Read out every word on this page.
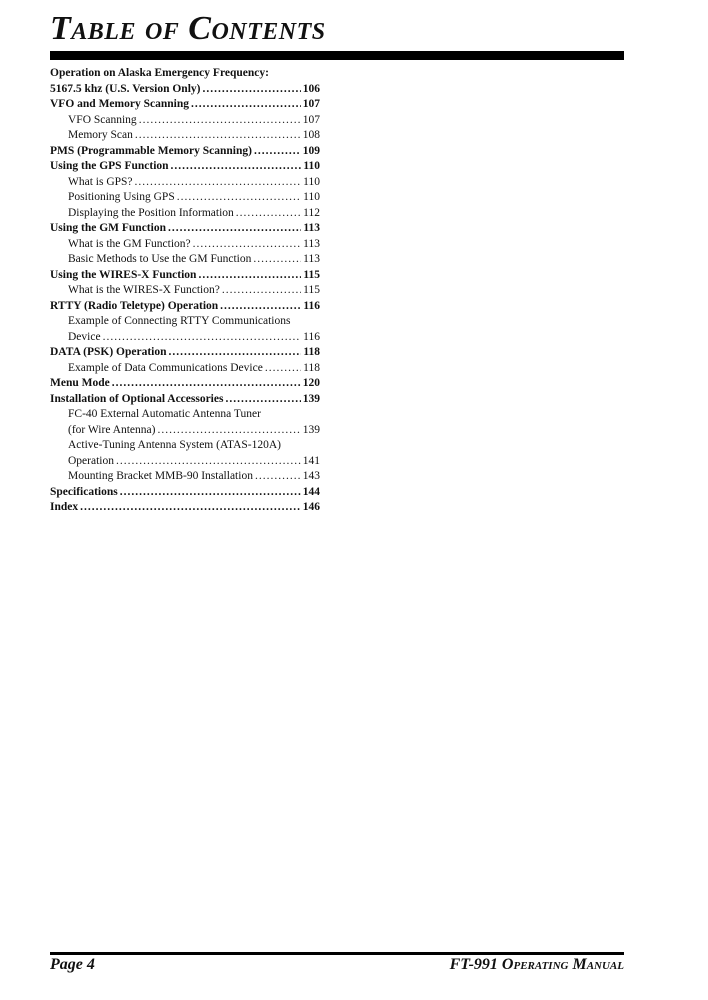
Table of Contents
Operation on Alaska Emergency Frequency:
5167.5 khz (U.S. Version Only) .....	106
VFO and Memory Scanning .....	107
VFO Scanning .....	107
Memory Scan .....	108
PMS (Programmable Memory Scanning) .....	109
Using the GPS Function .....	110
What is GPS? .....	110
Positioning Using GPS .....	110
Displaying the Position Information .....	112
Using the GM Function .....	113
What is the GM Function? .....	113
Basic Methods to Use the GM Function .....	113
Using the WIRES-X Function .....	115
What is the WIRES-X Function? .....	115
RTTY (Radio Teletype) Operation .....	116
Example of Connecting RTTY Communications
Device .....	116
DATA (PSK) Operation .....	118
Example of Data Communications Device .....	118
Menu Mode .....	120
Installation of Optional Accessories .....	139
FC-40 External Automatic Antenna Tuner
(for Wire Antenna) .....	139
Active-Tuning Antenna System (ATAS-120A)
Operation .....	141
Mounting Bracket MMB-90 Installation .....	143
Specifications .....	144
Index .....	146
Page 4	FT-991 Operating Manual
